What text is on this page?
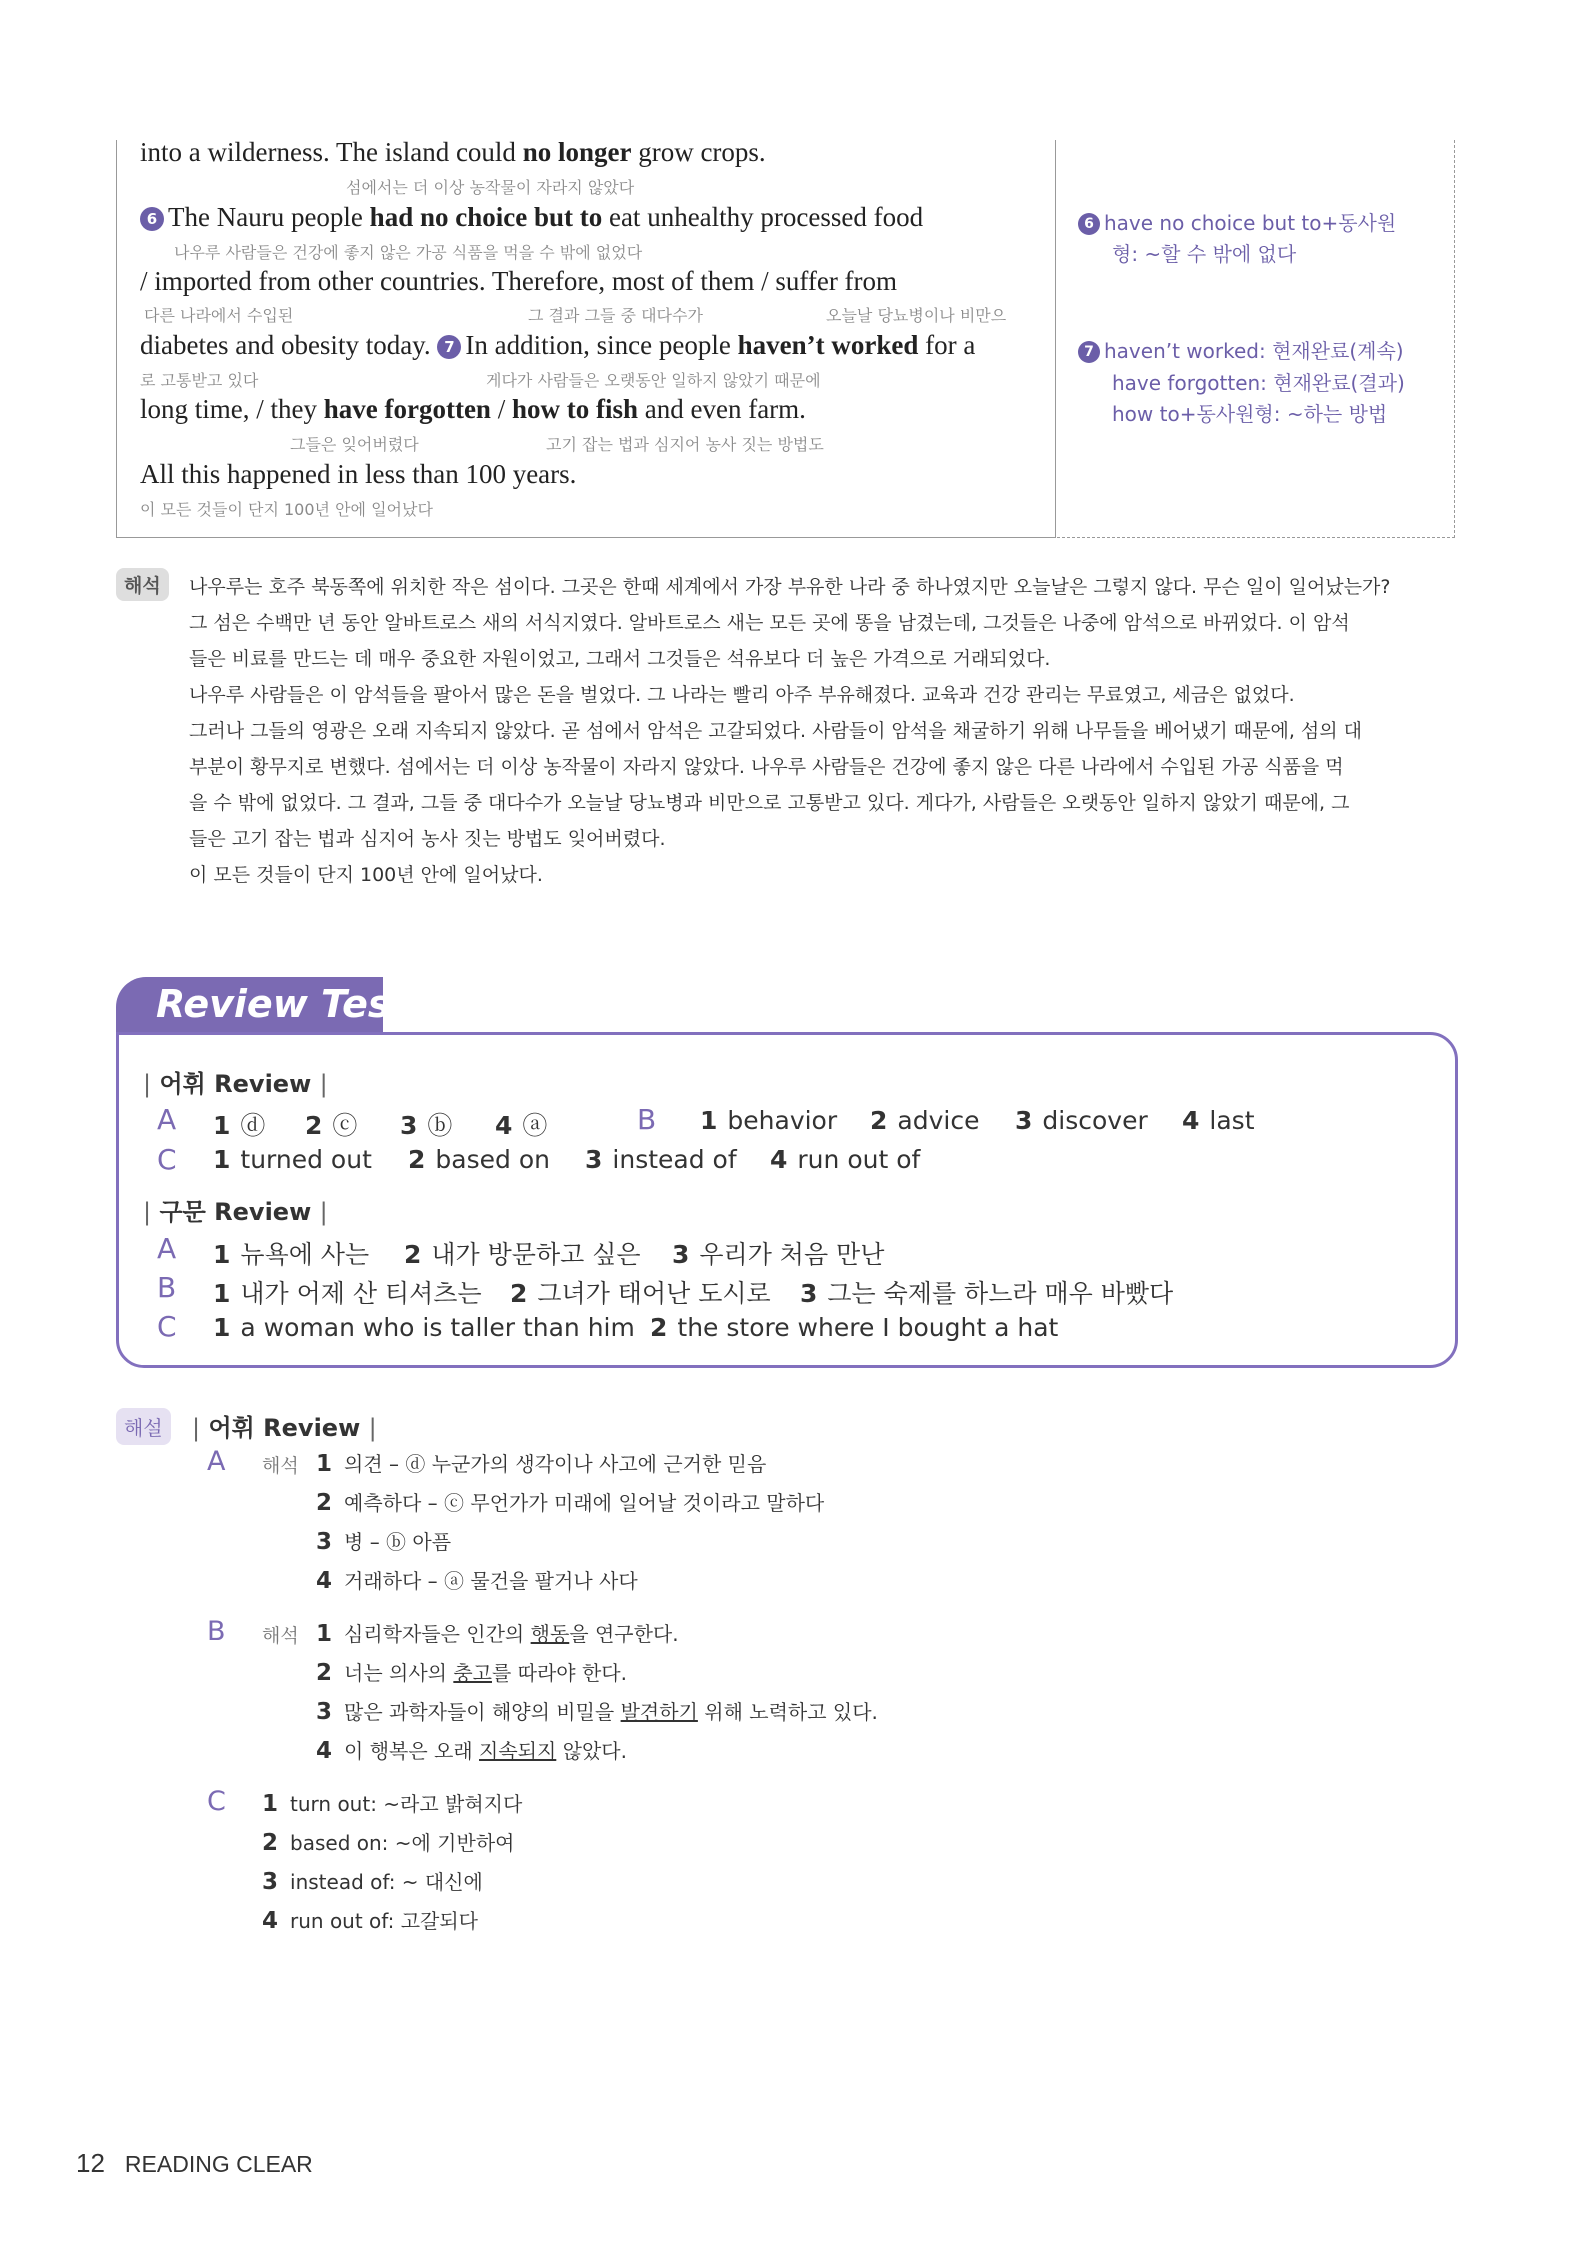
into a wilderness. The island could no longer grow crops.
섬에서는 더 이상 농작물이 자라지 않았다
6 The Nauru people had no choice but to eat unhealthy processed food
나우루 사람들은 건강에 좋지 않은 가공 식품을 먹을 수 밖에 없었다
/ imported from other countries. Therefore, most of them / suffer from
다른 나라에서 수입된	그 결과 그들 중 대다수가	오늘날 당뇨병이나 비만으
diabetes and obesity today. 7 In addition, since people haven’t worked for a
로 고통받고 있다	게다가 사람들은 오랫동안 일하지 않았기 때문에
long time, / they have forgotten / how to fish and even farm.
그들은 잊어버렸다	고기 잡는 법과 심지어 농사 짓는 방법도
All this happened in less than 100 years.
이 모든 것들이 단지 100년 안에 일어났다
6 have no choice but to+동사원
형: ~할 수 밖에 없다
7 haven’t worked: 현재완료(계속)
have forgotten: 현재완료(결과)
how to+동사원형: ~하는 방법
해석	나우루는 호주 북동쪽에 위치한 작은 섬이다. 그곳은 한때 세계에서 가장 부유한 나라 중 하나였지만 오늘날은 그렇지 않다. 무슨 일이 일어났는가?
그 섬은 수백만 년 동안 알바트로스 새의 서식지였다. 알바트로스 새는 모든 곳에 똥을 남겼는데, 그것들은 나중에 암석으로 바뀌었다. 이 암석
들은 비료를 만드는 데 매우 중요한 자원이었고, 그래서 그것들은 석유보다 더 높은 가격으로 거래되었다.
나우루 사람들은 이 암석들을 팔아서 많은 돈을 벌었다. 그 나라는 빨리 아주 부유해졌다. 교육과 건강 관리는 무료였고, 세금은 없었다.
그러나 그들의 영광은 오래 지속되지 않았다. 곧 섬에서 암석은 고갈되었다. 사람들이 암석을 채굴하기 위해 나무들을 베어냈기 때문에, 섬의 대
부분이 황무지로 변했다. 섬에서는 더 이상 농작물이 자라지 않았다. 나우루 사람들은 건강에 좋지 않은 다른 나라에서 수입된 가공 식품을 먹
을 수 밖에 없었다. 그 결과, 그들 중 대다수가 오늘날 당뇨병과 비만으로 고통받고 있다. 게다가, 사람들은 오랫동안 일하지 않았기 때문에, 그
들은 고기 잡는 법과 심지어 농사 짓는 방법도 잊어버렸다.
이 모든 것들이 단지 100년 안에 일어났다.
Review Test
| 어휘 Review |
A 1 ⓓ 2 ⓒ 3 ⓑ 4 ⓐ	B 1 behavior 2 advice 3 discover 4 last
C 1 turned out 2 based on 3 instead of 4 run out of
| 구문 Review |
A 1 뉴욕에 사는 2 내가 방문하고 싶은 3 우리가 처음 만난
B 1 내가 어제 산 티셔츠는 2 그녀가 태어난 도시로 3 그는 숙제를 하느라 매우 바빴다
C 1 a woman who is taller than him 2 the store where I bought a hat
해설	| 어휘 Review |
A 해석 1 의견 – ⓓ 누군가의 생각이나 사고에 근거한 믿음
2 예측하다 – ⓒ 무언가가 미래에 일어날 것이라고 말하다
3 병 – ⓑ 아픔
4 거래하다 – ⓐ 물건을 팔거나 사다
B 해석 1 심리학자들은 인간의 행동을 연구한다.
2 너는 의사의 충고를 따라야 한다.
3 많은 과학자들이 해양의 비밀을 발견하기 위해 노력하고 있다.
4 이 행복은 오래 지속되지 않았다.
C 1 turn out: ~라고 밝혀지다
2 based on: ~에 기반하여
3 instead of: ~ 대신에
4 run out of: 고갈되다
12 READING CLEAR
